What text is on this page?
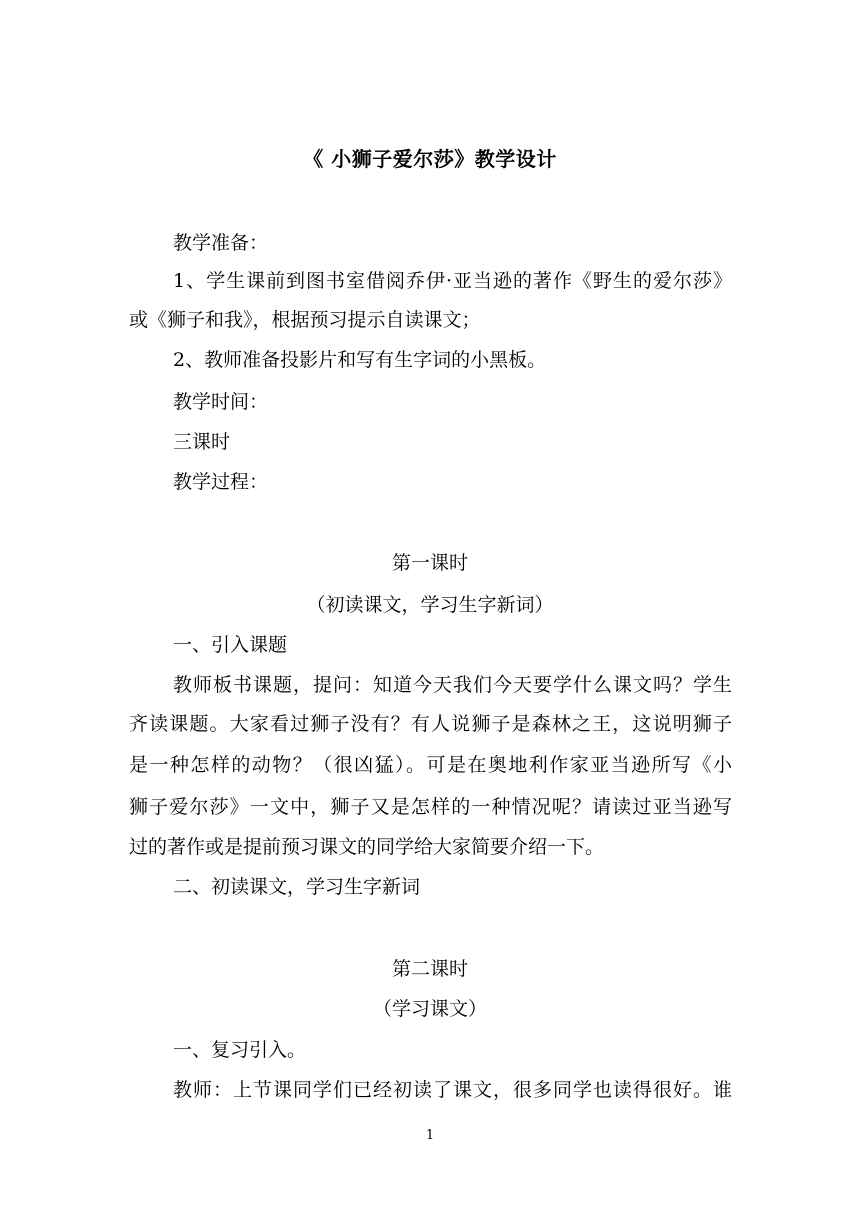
《 小狮子爱尔莎》教学设计
教学准备：
1、学生课前到图书室借阅乔伊·亚当逊的著作《野生的爱尔莎》
或《狮子和我》，根据预习提示自读课文；
2、教师准备投影片和写有生字词的小黑板。
教学时间：
三课时
教学过程：
第一课时
（初读课文，学习生字新词）
一、引入课题
教师板书课题，提问：知道今天我们今天要学什么课文吗？学生
齐读课题。大家看过狮子没有？有人说狮子是森林之王，这说明狮子
是一种怎样的动物？（很凶猛）。可是在奥地利作家亚当逊所写《小
狮子爱尔莎》一文中，狮子又是怎样的一种情况呢？请读过亚当逊写
过的著作或是提前预习课文的同学给大家简要介绍一下。
二、初读课文，学习生字新词
第二课时
（学习课文）
一、复习引入。
教师：上节课同学们已经初读了课文，很多同学也读得很好。谁
1
